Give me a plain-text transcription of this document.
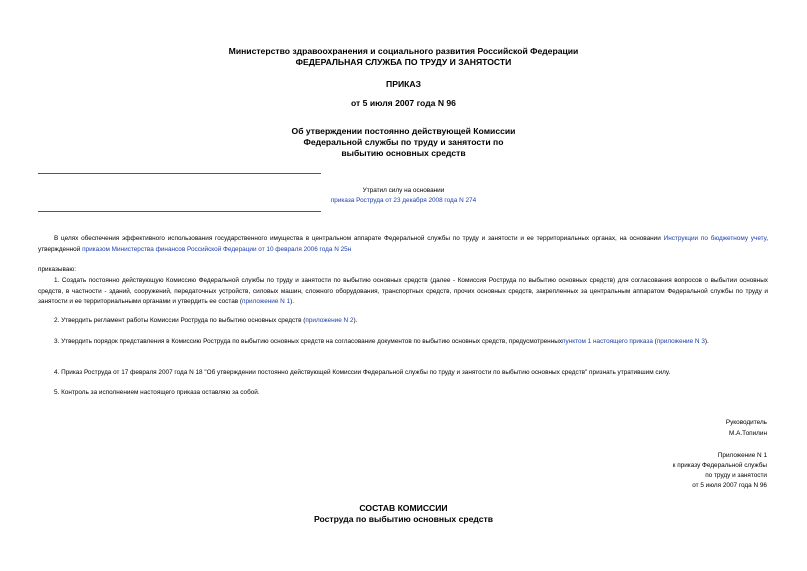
Министерство здравоохранения и социального развития Российской Федерации
ФЕДЕРАЛЬНАЯ СЛУЖБА ПО ТРУДУ И ЗАНЯТОСТИ
ПРИКАЗ
от 5 июля 2007 года N 96
Об утверждении постоянно действующей Комиссии
Федеральной службы по труду и занятости по
выбытию основных средств
Утратил силу на основании
приказа Роструда от 23 декабря 2008 года N 274

В целях обеспечения эффективного использования государственного имущества в центральном аппарате Федеральной службы по труду и занятости и ее территориальных органах, на основании Инструкции по бюджетному учету, утвержденной приказом Министерства финансов Российской Федерации от 10 февраля 2006 года N 25н

приказываю:

1. Создать постоянно действующую Комиссию Федеральной службы по труду и занятости по выбытию основных средств (далее - Комиссия Роструда по выбытию основных средств) для согласования вопросов о выбытии основных средств, в частности - зданий, сооружений, передаточных устройств, силовых машин, сложного оборудования, транспортных средств, прочих основных средств, закрепленных за центральным аппаратом Федеральной службы по труду и занятости и ее территориальными органами и утвердить ее состав (приложение N 1).

2. Утвердить регламент работы Комиссии Роструда по выбытию основных средств (приложение N 2).

3. Утвердить порядок представления в Комиссию Роструда по выбытию основных средств на согласование документов по выбытию основных средств, предусмотренныхпунктом 1 настоящего приказа (приложение N 3).

4. Приказ Роструда от 17 февраля 2007 года N 18 "Об утверждении постоянно действующей Комиссии Федеральной службы по труду и занятости по выбытию основных средств" признать утратившим силу.

5. Контроль за исполнением настоящего приказа оставляю за собой.

Руководитель
М.А.Топилин
Приложение N 1
к приказу Федеральной службы
по труду и занятости
от 5 июля 2007 года N 96
СОСТАВ КОМИССИИ
Роструда по выбытию основных средств
